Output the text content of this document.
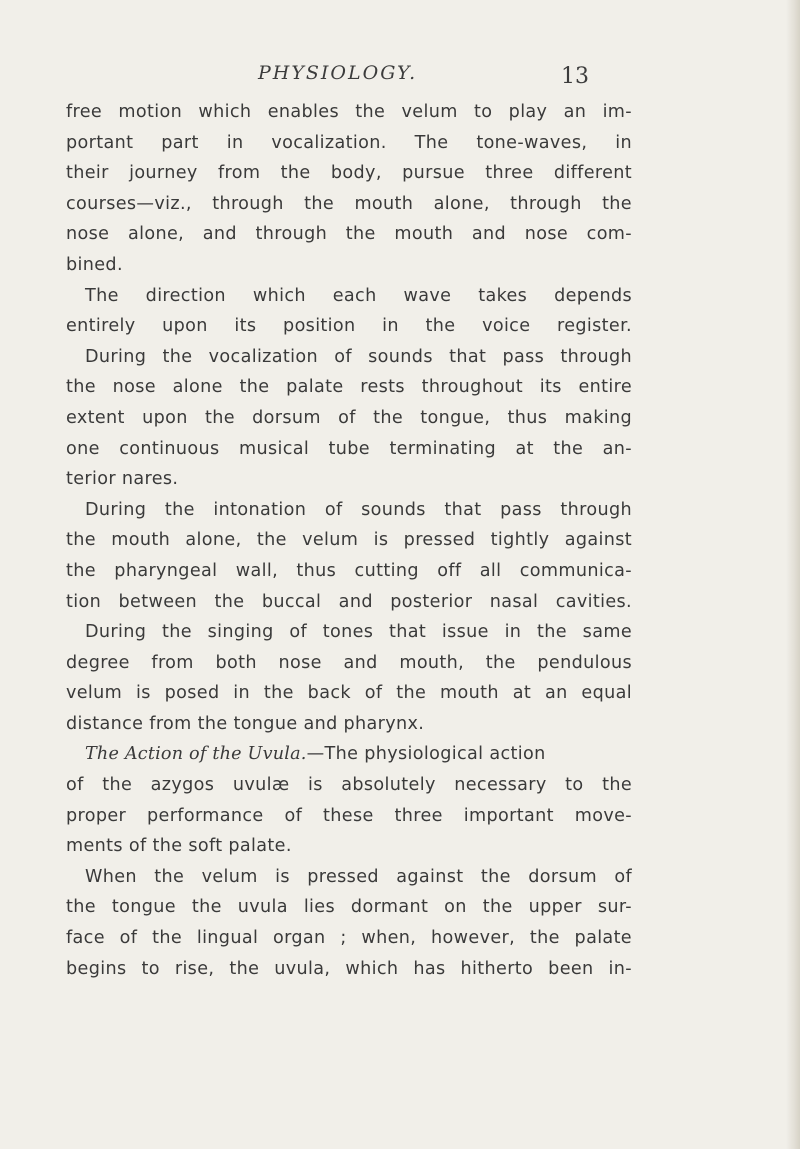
PHYSIOLOGY.	13
free motion which enables the velum to play an im-
portant part in vocalization. The tone-waves, in
their journey from the body, pursue three different
courses—viz., through the mouth alone, through the
nose alone, and through the mouth and nose com-
bined.
The direction which each wave takes depends
entirely upon its position in the voice register.
During the vocalization of sounds that pass through
the nose alone the palate rests throughout its entire
extent upon the dorsum of the tongue, thus making
one continuous musical tube terminating at the an-
terior nares.
During the intonation of sounds that pass through
the mouth alone, the velum is pressed tightly against
the pharyngeal wall, thus cutting off all communica-
tion between the buccal and posterior nasal cavities.
During the singing of tones that issue in the same
degree from both nose and mouth, the pendulous
velum is posed in the back of the mouth at an equal
distance from the tongue and pharynx.
The Action of the Uvula.—The physiological action
of the azygos uvulæ is absolutely necessary to the
proper performance of these three important move-
ments of the soft palate.
When the velum is pressed against the dorsum of
the tongue the uvula lies dormant on the upper sur-
face of the lingual organ ; when, however, the palate
begins to rise, the uvula, which has hitherto been in-
